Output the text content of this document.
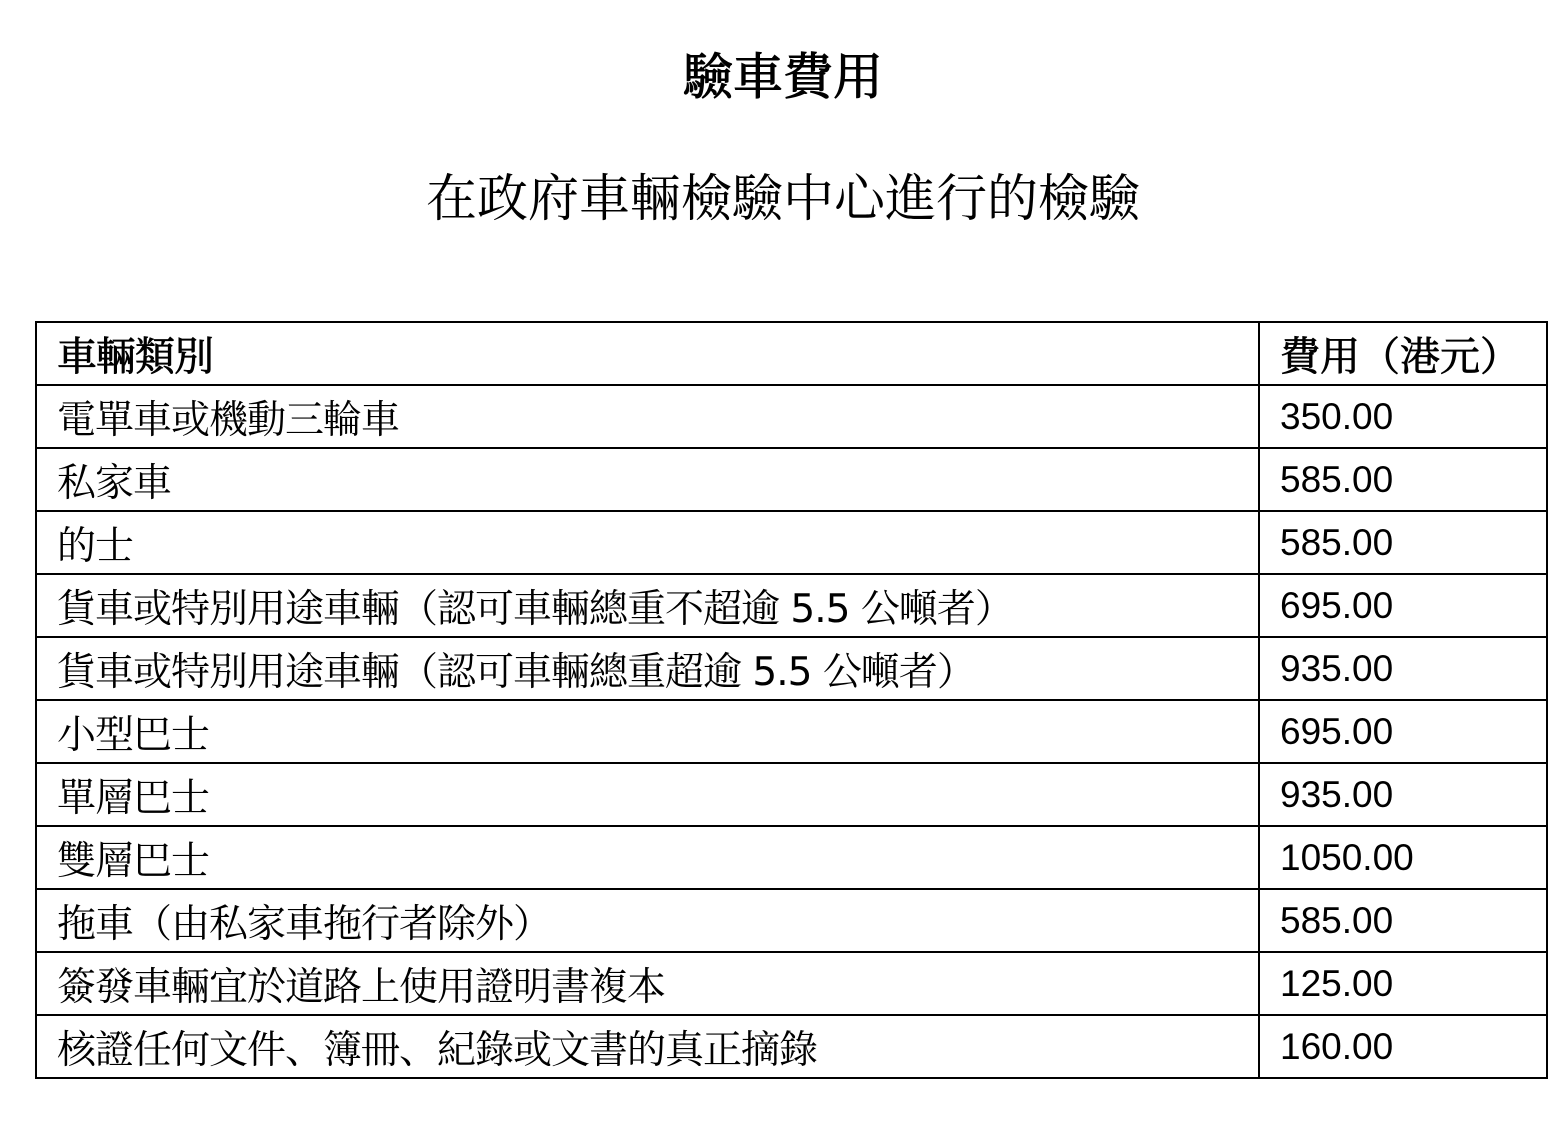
驗車費用
在政府車輛檢驗中心進行的檢驗
車輛類別	費用（港元）
電單車或機動三輪車	350.00
私家車	585.00
的士	585.00
貨車或特別用途車輛（認可車輛總重不超逾 5.5 公噸者）	695.00
貨車或特別用途車輛（認可車輛總重超逾 5.5 公噸者）	935.00
小型巴士	695.00
單層巴士	935.00
雙層巴士	1050.00
拖車（由私家車拖行者除外）	585.00
簽發車輛宜於道路上使用證明書複本	125.00
核證任何文件、簿冊、紀錄或文書的真正摘錄	160.00
